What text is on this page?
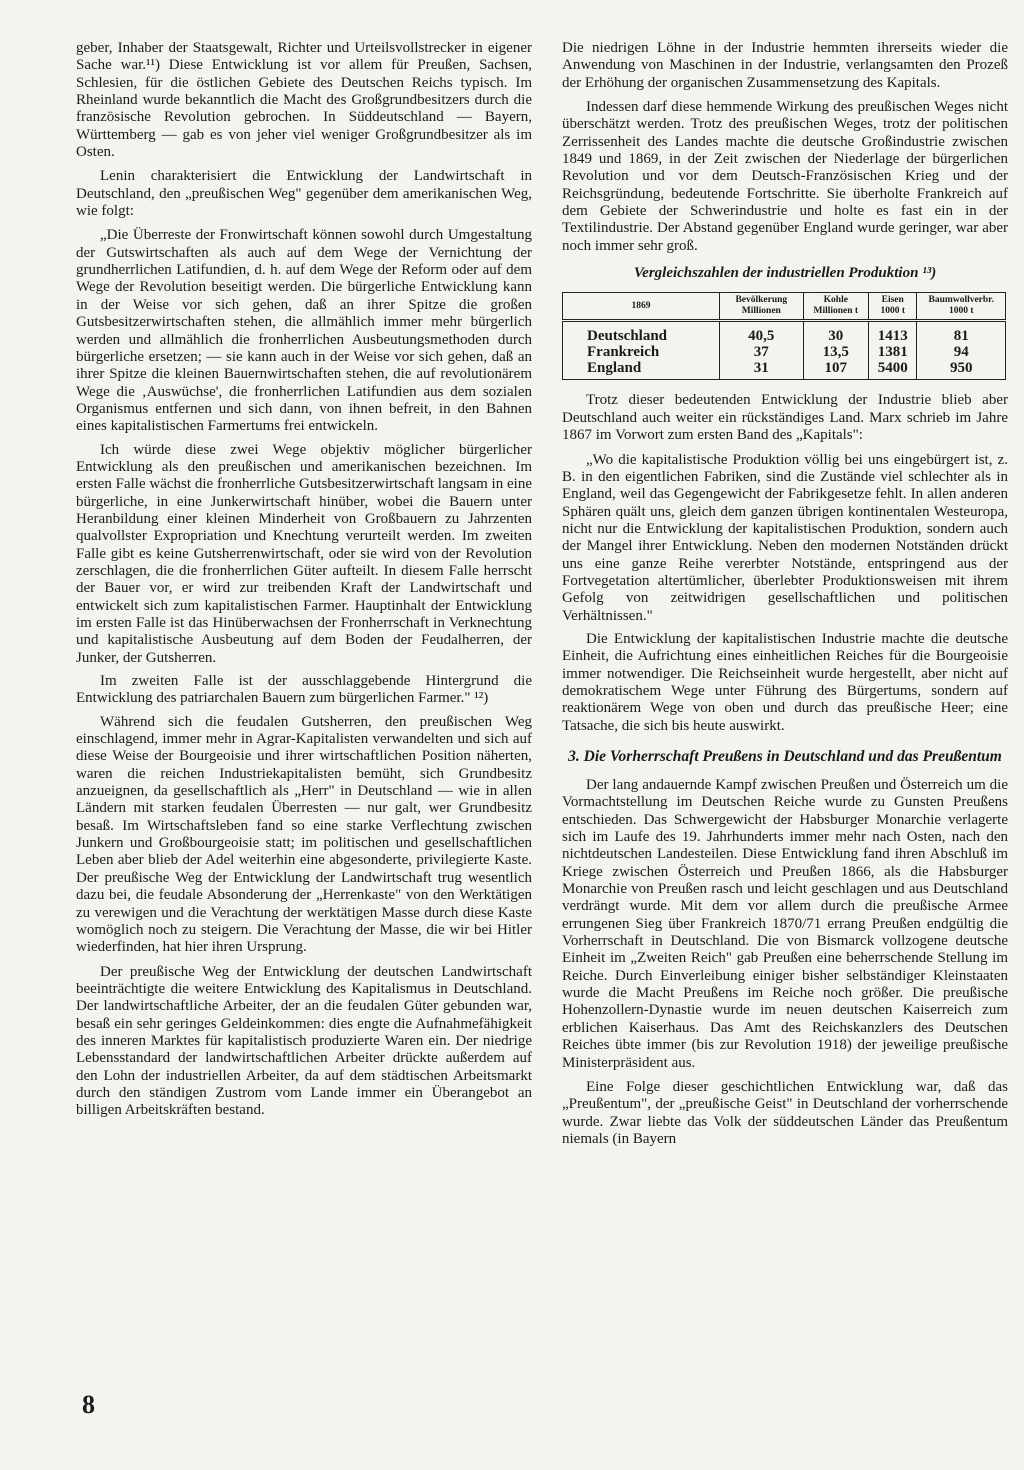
geber, Inhaber der Staatsgewalt, Richter und Urteilsvollstrecker in eigener Sache war.¹¹) Diese Entwicklung ist vor allem für Preußen, Sachsen, Schlesien, für die östlichen Gebiete des Deutschen Reichs typisch. Im Rheinland wurde bekanntlich die Macht des Großgrundbesitzers durch die französische Revolution gebrochen. In Süddeutschland — Bayern, Württemberg — gab es von jeher viel weniger Großgrundbesitzer als im Osten.

Lenin charakterisiert die Entwicklung der Landwirtschaft in Deutschland, den „preußischen Weg" gegenüber dem amerikanischen Weg, wie folgt:

„Die Überreste der Fronwirtschaft können sowohl durch Umgestaltung der Gutswirtschaften als auch auf dem Wege der Vernichtung der grundherrlichen Latifundien, d. h. auf dem Wege der Reform oder auf dem Wege der Revolution beseitigt werden. Die bürgerliche Entwicklung kann in der Weise vor sich gehen, daß an ihrer Spitze die großen Gutsbesitzerwirtschaften stehen, die allmählich immer mehr bürgerlich werden und allmählich die fronherrlichen Ausbeutungsmethoden durch bürgerliche ersetzen; — sie kann auch in der Weise vor sich gehen, daß an ihrer Spitze die kleinen Bauernwirtschaften stehen, die auf revolutionärem Wege die ‚Auswüchse', die fronherrlichen Latifundien aus dem sozialen Organismus entfernen und sich dann, von ihnen befreit, in den Bahnen eines kapitalistischen Farmertums frei entwickeln.

Ich würde diese zwei Wege objektiv möglicher bürgerlicher Entwicklung als den preußischen und amerikanischen bezeichnen. Im ersten Falle wächst die fronherrliche Gutsbesitzerwirtschaft langsam in eine bürgerliche, in eine Junkerwirtschaft hinüber, wobei die Bauern unter Heranbildung einer kleinen Minderheit von Großbauern zu Jahrzenten qualvollster Expropriation und Knechtung verurteilt werden. Im zweiten Falle gibt es keine Gutsherrenwirtschaft, oder sie wird von der Revolution zerschlagen, die die fronherrlichen Güter aufteilt. In diesem Falle herrscht der Bauer vor, er wird zur treibenden Kraft der Landwirtschaft und entwickelt sich zum kapitalistischen Farmer. Hauptinhalt der Entwicklung im ersten Falle ist das Hinüberwachsen der Fronherrschaft in Verknechtung und kapitalistische Ausbeutung auf dem Boden der Feudalherren, der Junker, der Gutsherren.

Im zweiten Falle ist der ausschlaggebende Hintergrund die Entwicklung des patriarchalen Bauern zum bürgerlichen Farmer." ¹²)

Während sich die feudalen Gutsherren, den preußischen Weg einschlagend, immer mehr in Agrar-Kapitalisten verwandelten und sich auf diese Weise der Bourgeoisie und ihrer wirtschaftlichen Position näherten, waren die reichen Industriekapitalisten bemüht, sich Grundbesitz anzueignen, da gesellschaftlich als „Herr" in Deutschland — wie in allen Ländern mit starken feudalen Überresten — nur galt, wer Grundbesitz besaß. Im Wirtschaftsleben fand so eine starke Verflechtung zwischen Junkern und Großbourgeoisie statt; im politischen und gesellschaftlichen Leben aber blieb der Adel weiterhin eine abgesonderte, privilegierte Kaste. Der preußische Weg der Entwicklung der Landwirtschaft trug wesentlich dazu bei, die feudale Absonderung der „Herrenkaste" von den Werktätigen zu verewigen und die Verachtung der werktätigen Masse durch diese Kaste womöglich noch zu steigern. Die Verachtung der Masse, die wir bei Hitler wiederfinden, hat hier ihren Ursprung.

Der preußische Weg der Entwicklung der deutschen Landwirtschaft beeinträchtigte die weitere Entwicklung des Kapitalismus in Deutschland. Der landwirtschaftliche Arbeiter, der an die feudalen Güter gebunden war, besaß ein sehr geringes Geldeinkommen: dies engte die Aufnahmefähigkeit des inneren Marktes für kapitalistisch produzierte Waren ein. Der niedrige Lebensstandard der landwirtschaftlichen Arbeiter drückte außerdem auf den Lohn der industriellen Arbeiter, da auf dem städtischen Arbeitsmarkt durch den ständigen Zustrom vom Lande immer ein Überangebot an billigen Arbeitskräften bestand.

Die niedrigen Löhne in der Industrie hemmten ihrerseits wieder die Anwendung von Maschinen in der Industrie, verlangsamten den Prozeß der Erhöhung der organischen Zusammensetzung des Kapitals.

Indessen darf diese hemmende Wirkung des preußischen Weges nicht überschätzt werden. Trotz des preußischen Weges, trotz der politischen Zerrissenheit des Landes machte die deutsche Großindustrie zwischen 1849 und 1869, in der Zeit zwischen der Niederlage der bürgerlichen Revolution und vor dem Deutsch-Französischen Krieg und der Reichsgründung, bedeutende Fortschritte. Sie überholte Frankreich auf dem Gebiete der Schwerindustrie und holte es fast ein in der Textilindustrie. Der Abstand gegenüber England wurde geringer, war aber noch immer sehr groß.

Vergleichszahlen der industriellen Produktion ¹³)
1869	Bevölkerung Millionen	Kohle Millionen t	Eisen 1000 t	Baumwollverbr. 1000 t
Deutschland	40,5	30	1413	81
Frankreich	37	13,5	1381	94
England	31	107	5400	950

Trotz dieser bedeutenden Entwicklung der Industrie blieb aber Deutschland auch weiter ein rückständiges Land. Marx schrieb im Jahre 1867 im Vorwort zum ersten Band des „Kapitals":

„Wo die kapitalistische Produktion völlig bei uns eingebürgert ist, z. B. in den eigentlichen Fabriken, sind die Zustände viel schlechter als in England, weil das Gegengewicht der Fabrikgesetze fehlt. In allen anderen Sphären quält uns, gleich dem ganzen übrigen kontinentalen Westeuropa, nicht nur die Entwicklung der kapitalistischen Produktion, sondern auch der Mangel ihrer Entwicklung. Neben den modernen Notständen drückt uns eine ganze Reihe vererbter Notstände, entspringend aus der Fortvegetation altertümlicher, überlebter Produktionsweisen mit ihrem Gefolg von zeitwidrigen gesellschaftlichen und politischen Verhältnissen."

Die Entwicklung der kapitalistischen Industrie machte die deutsche Einheit, die Aufrichtung eines einheitlichen Reiches für die Bourgeoisie immer notwendiger. Die Reichseinheit wurde hergestellt, aber nicht auf demokratischem Wege unter Führung des Bürgertums, sondern auf reaktionärem Wege von oben und durch das preußische Heer; eine Tatsache, die sich bis heute auswirkt.

3. Die Vorherrschaft Preußens in Deutschland und das Preußentum

Der lang andauernde Kampf zwischen Preußen und Österreich um die Vormachtstellung im Deutschen Reiche wurde zu Gunsten Preußens entschieden. Das Schwergewicht der Habsburger Monarchie verlagerte sich im Laufe des 19. Jahrhunderts immer mehr nach Osten, nach den nichtdeutschen Landesteilen. Diese Entwicklung fand ihren Abschluß im Kriege zwischen Österreich und Preußen 1866, als die Habsburger Monarchie von Preußen rasch und leicht geschlagen und aus Deutschland verdrängt wurde. Mit dem vor allem durch die preußische Armee errungenen Sieg über Frankreich 1870/71 errang Preußen endgültig die Vorherrschaft in Deutschland. Die von Bismarck vollzogene deutsche Einheit im „Zweiten Reich" gab Preußen eine beherrschende Stellung im Reiche. Durch Einverleibung einiger bisher selbständiger Kleinstaaten wurde die Macht Preußens im Reiche noch größer. Die preußische Hohenzollern-Dynastie wurde im neuen deutschen Kaiserreich zum erblichen Kaiserhaus. Das Amt des Reichskanzlers des Deutschen Reiches übte immer (bis zur Revolution 1918) der jeweilige preußische Ministerpräsident aus.

Eine Folge dieser geschichtlichen Entwicklung war, daß das „Preußentum", der „preußische Geist" in Deutschland der vorherrschende wurde. Zwar liebte das Volk der süddeutschen Länder das Preußentum niemals (in Bayern

8
